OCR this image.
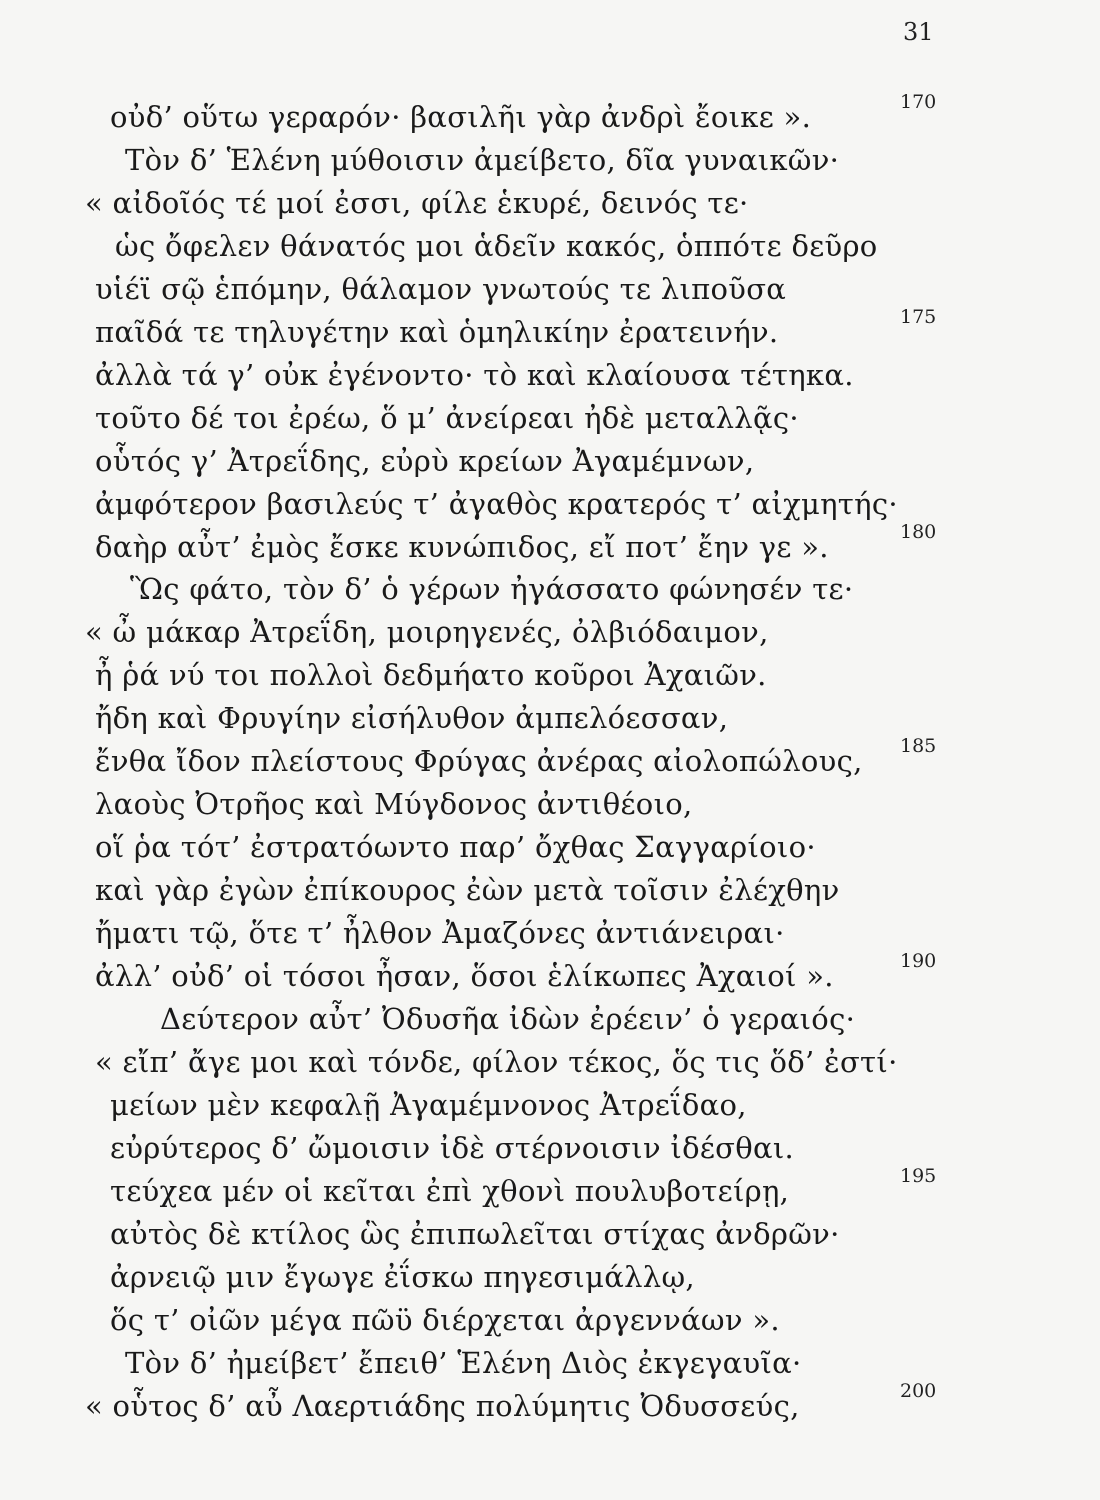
31
οὐδ’ οὕτω γεραρόν· βασιλῆι γὰρ ἀνδρὶ ἔοικε ».	170
Τὸν δ’ Ἑλένη μύθοισιν ἀμείβετο, δῖα γυναικῶν·
« αἰδοῖός τέ μοί ἐσσι, φίλε ἑκυρέ, δεινός τε·
ὡς ὄφελεν θάνατός μοι ἁδεῖν κακός, ὁππότε δεῦρο
υἱέϊ σῷ ἑπόμην, θάλαμον γνωτούς τε λιποῦσα
παῖδά τε τηλυγέτην καὶ ὁμηλικίην ἐρατεινήν.	175
ἀλλὰ τά γ’ οὐκ ἐγένοντο· τὸ καὶ κλαίουσα τέτηκα.
τοῦτο δέ τοι ἐρέω, ὅ μ’ ἀνείρεαι ἠδὲ μεταλλᾷς·
οὗτός γ’ Ἀτρεΐδης, εὐρὺ κρείων Ἀγαμέμνων,
ἀμφότερον βασιλεύς τ’ ἀγαθὸς κρατερός τ’ αἰχμητής·
δαὴρ αὖτ’ ἐμὸς ἔσκε κυνώπιδος, εἴ ποτ’ ἔην γε ».	180
Ὣς φάτο, τὸν δ’ ὁ γέρων ἠγάσσατο φώνησέν τε·
« ὦ μάκαρ Ἀτρεΐδη, μοιρηγενές, ὀλβιόδαιμον,
ἦ ῥά νύ τοι πολλοὶ δεδμήατο κοῦροι Ἀχαιῶν.
ἤδη καὶ Φρυγίην εἰσήλυθον ἀμπελόεσσαν,
ἔνθα ἴδον πλείστους Φρύγας ἀνέρας αἰολοπώλους, 185
λαοὺς Ὀτρῆος καὶ Μύγδονος ἀντιθέοιο,
οἵ ῥα τότ’ ἐστρατόωντο παρ’ ὄχθας Σαγγαρίοιο·
καὶ γὰρ ἐγὼν ἐπίκουρος ἐὼν μετὰ τοῖσιν ἐλέχθην
ἤματι τῷ, ὅτε τ’ ἦλθον Ἀμαζόνες ἀντιάνειραι·
ἀλλ’ οὐδ’ οἱ τόσοι ἦσαν, ὅσοι ἑλίκωπες Ἀχαιοί ».	190
Δεύτερον αὖτ’ Ὀδυσῆα ἰδὼν ἐρέειν’ ὁ γεραιός·
« εἴπ’ ἄγε μοι καὶ τόνδε, φίλον τέκος, ὅς τις ὅδ’ ἐστί·
μείων μὲν κεφαλῇ Ἀγαμέμνονος Ἀτρεΐδαο,
εὐρύτερος δ’ ὤμοισιν ἰδὲ στέρνοισιν ἰδέσθαι.
τεύχεα μέν οἱ κεῖται ἐπὶ χθονὶ πουλυβοτείρῃ,	195
αὐτὸς δὲ κτίλος ὣς ἐπιπωλεῖται στίχας ἀνδρῶν·
ἀρνειῷ μιν ἔγωγε ἐΐσκω πηγεσιμάλλῳ,
ὅς τ’ οἰῶν μέγα πῶϋ διέρχεται ἀργεννάων ».
Τὸν δ’ ἠμείβετ’ ἔπειθ’ Ἑλένη Διὸς ἐκγεγαυῖα·
« οὗτος δ’ αὖ Λαερτιάδης πολύμητις Ὀδυσσεύς,	200
